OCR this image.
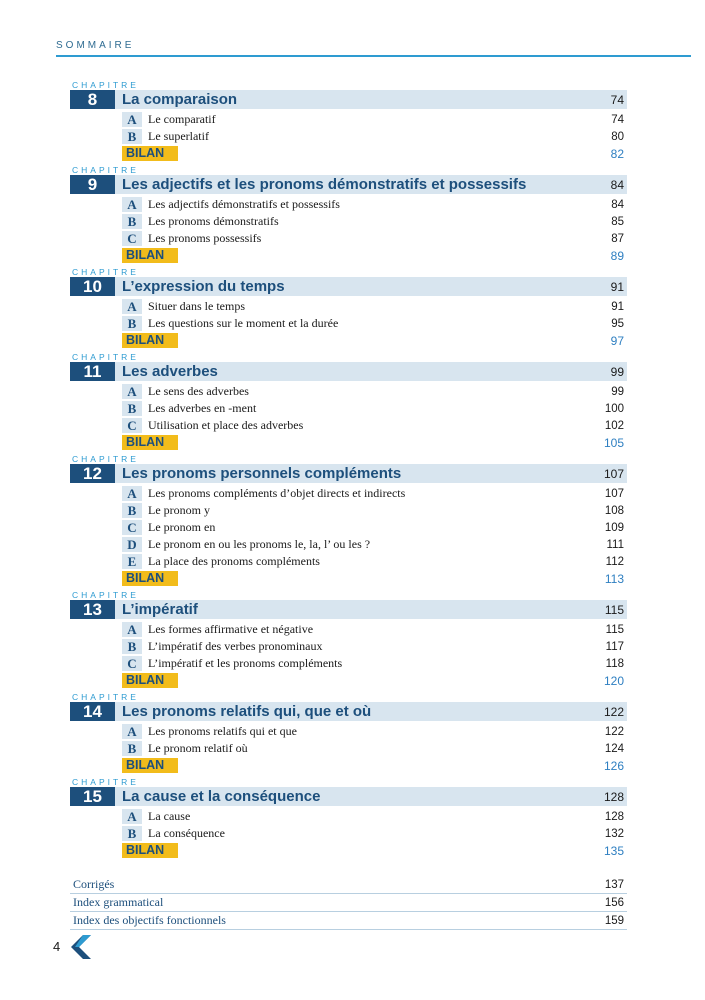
SOMMAIRE
CHAPITRE
8	La comparaison	74
A Le comparatif	74
B Le superlatif	80
BILAN	82
CHAPITRE
9	Les adjectifs et les pronoms démonstratifs et possessifs	84
A Les adjectifs démonstratifs et possessifs	84
B Les pronoms démonstratifs	85
C Les pronoms possessifs	87
BILAN	89
CHAPITRE
10	L’expression du temps	91
A Situer dans le temps	91
B Les questions sur le moment et la durée	95
BILAN	97
CHAPITRE
11	Les adverbes	99
A Le sens des adverbes	99
B Les adverbes en -ment	100
C Utilisation et place des adverbes	102
BILAN	105
CHAPITRE
12	Les pronoms personnels compléments	107
A Les pronoms compléments d’objet directs et indirects	107
B Le pronom y	108
C Le pronom en	109
D Le pronom en ou les pronoms le, la, l’ ou les ?	111
E La place des pronoms compléments	112
BILAN	113
CHAPITRE
13	L’impératif	115
A Les formes affirmative et négative	115
B L’impératif des verbes pronominaux	117
C L’impératif et les pronoms compléments	118
BILAN	120
CHAPITRE
14	Les pronoms relatifs qui, que et où	122
A Les pronoms relatifs qui et que	122
B Le pronom relatif où	124
BILAN	126
CHAPITRE
15	La cause et la conséquence	128
A La cause	128
B La conséquence	132
BILAN	135
Corrigés	137
Index grammatical	156
Index des objectifs fonctionnels	159
4
